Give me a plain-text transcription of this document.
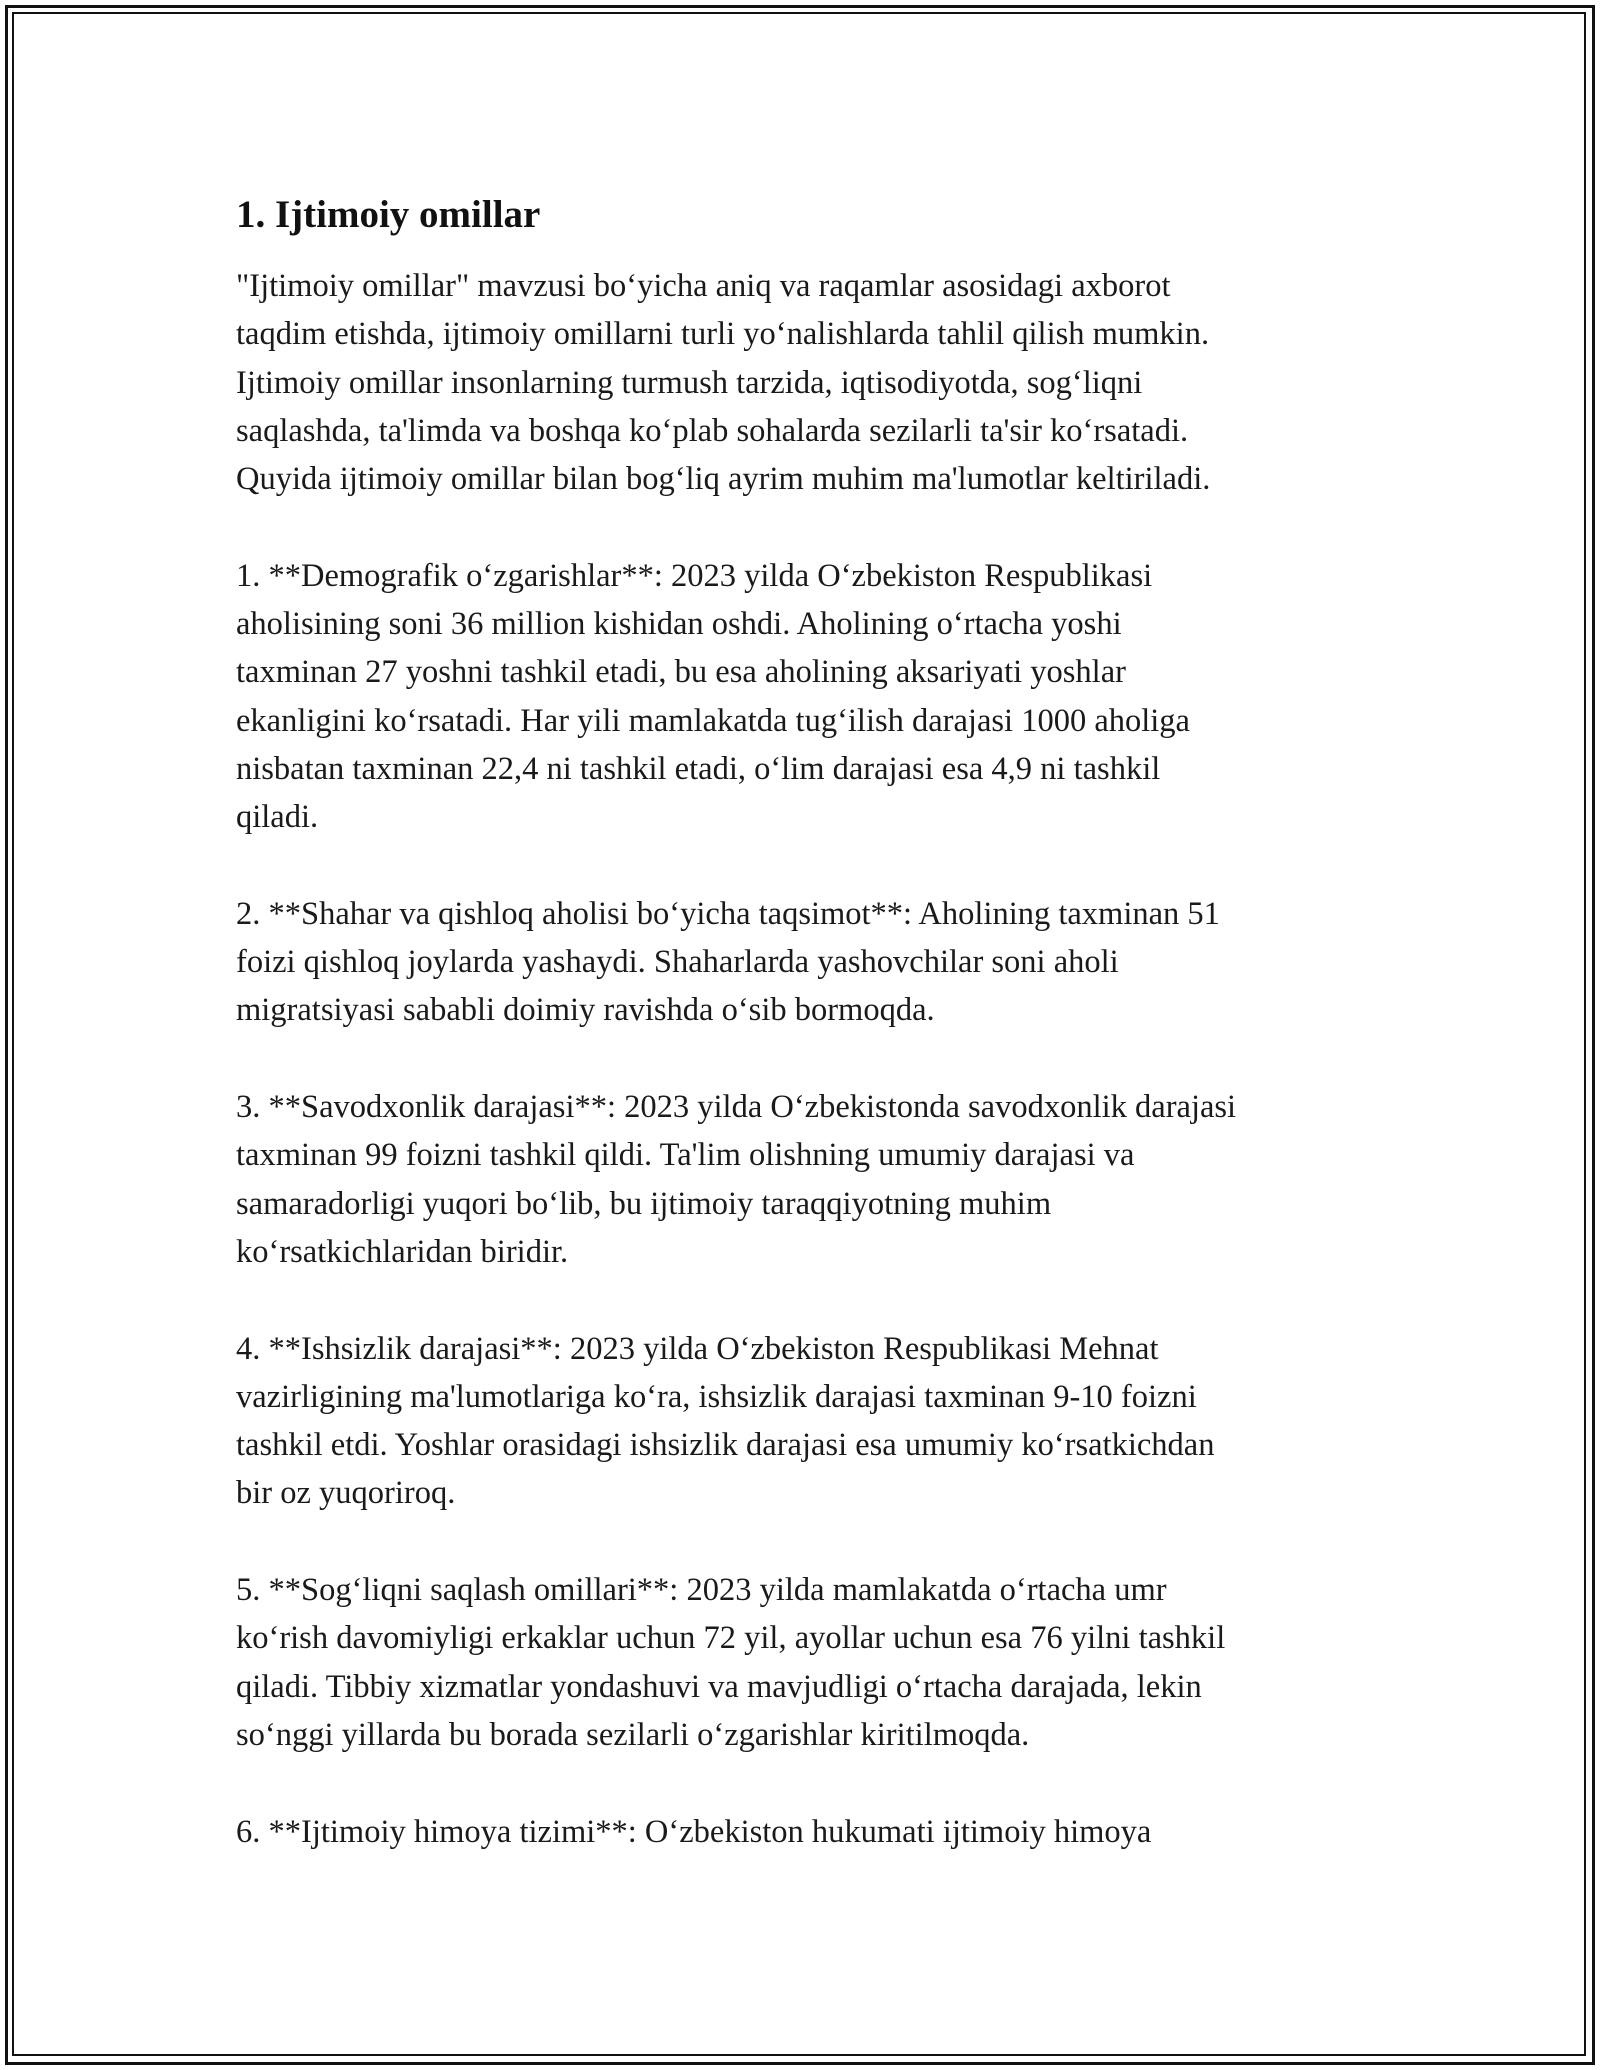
1. Ijtimoiy omillar
"Ijtimoiy omillar" mavzusi bo‘yicha aniq va raqamlar asosidagi axborot
taqdim etishda, ijtimoiy omillarni turli yo‘nalishlarda tahlil qilish mumkin.
Ijtimoiy omillar insonlarning turmush tarzida, iqtisodiyotda, sog‘liqni
saqlashda, ta'limda va boshqa ko‘plab sohalarda sezilarli ta'sir ko‘rsatadi.
Quyida ijtimoiy omillar bilan bog‘liq ayrim muhim ma'lumotlar keltiriladi.
1. **Demografik o‘zgarishlar**: 2023 yilda O‘zbekiston Respublikasi
aholisining soni 36 million kishidan oshdi. Aholining o‘rtacha yoshi
taxminan 27 yoshni tashkil etadi, bu esa aholining aksariyati yoshlar
ekanligini ko‘rsatadi. Har yili mamlakatda tug‘ilish darajasi 1000 aholiga
nisbatan taxminan 22,4 ni tashkil etadi, o‘lim darajasi esa 4,9 ni tashkil
qiladi.
2. **Shahar va qishloq aholisi bo‘yicha taqsimot**: Aholining taxminan 51
foizi qishloq joylarda yashaydi. Shaharlarda yashovchilar soni aholi
migratsiyasi sababli doimiy ravishda o‘sib bormoqda.
3. **Savodxonlik darajasi**: 2023 yilda O‘zbekistonda savodxonlik darajasi
taxminan 99 foizni tashkil qildi. Ta'lim olishning umumiy darajasi va
samaradorligi yuqori bo‘lib, bu ijtimoiy taraqqiyotning muhim
ko‘rsatkichlaridan biridir.
4. **Ishsizlik darajasi**: 2023 yilda O‘zbekiston Respublikasi Mehnat
vazirligining ma'lumotlariga ko‘ra, ishsizlik darajasi taxminan 9-10 foizni
tashkil etdi. Yoshlar orasidagi ishsizlik darajasi esa umumiy ko‘rsatkichdan
bir oz yuqoriroq.
5. **Sog‘liqni saqlash omillari**: 2023 yilda mamlakatda o‘rtacha umr
ko‘rish davomiyligi erkaklar uchun 72 yil, ayollar uchun esa 76 yilni tashkil
qiladi. Tibbiy xizmatlar yondashuvi va mavjudligi o‘rtacha darajada, lekin
so‘nggi yillarda bu borada sezilarli o‘zgarishlar kiritilmoqda.
6. **Ijtimoiy himoya tizimi**: O‘zbekiston hukumati ijtimoiy himoya
